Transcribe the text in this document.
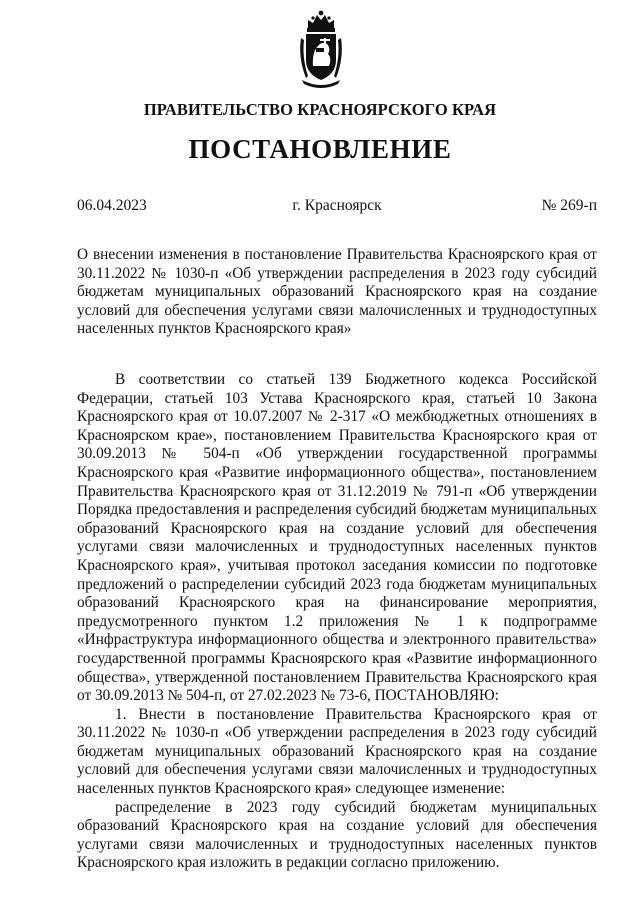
ПРАВИТЕЛЬСТВО КРАСНОЯРСКОГО КРАЯ
ПОСТАНОВЛЕНИЕ
06.04.2023	г. Красноярск	№ 269-п

О внесении изменения в постановление Правительства Красноярского края от 30.11.2022 № 1030-п «Об утверждении распределения в 2023 году субсидий бюджетам муниципальных образований Красноярского края на создание условий для обеспечения услугами связи малочисленных и труднодоступных населенных пунктов Красноярского края»

В соответствии со статьей 139 Бюджетного кодекса Российской Федерации, статьей 103 Устава Красноярского края, статьей 10 Закона Красноярского края от 10.07.2007 № 2-317 «О межбюджетных отношениях в Красноярском крае», постановлением Правительства Красноярского края от 30.09.2013 № 504-п «Об утверждении государственной программы Красноярского края «Развитие информационного общества», постановлением Правительства Красноярского края от 31.12.2019 № 791-п «Об утверждении Порядка предоставления и распределения субсидий бюджетам муниципальных образований Красноярского края на создание условий для обеспечения услугами связи малочисленных и труднодоступных населенных пунктов Красноярского края», учитывая протокол заседания комиссии по подготовке предложений о распределении субсидий 2023 года бюджетам муниципальных образований Красноярского края на финансирование мероприятия, предусмотренного пунктом 1.2 приложения № 1 к подпрограмме «Инфраструктура информационного общества и электронного правительства» государственной программы Красноярского края «Развитие информационного общества», утвержденной постановлением Правительства Красноярского края от 30.09.2013 № 504-п, от 27.02.2023 № 73-6, ПОСТАНОВЛЯЮ:

1. Внести в постановление Правительства Красноярского края от 30.11.2022 № 1030-п «Об утверждении распределения в 2023 году субсидий бюджетам муниципальных образований Красноярского края на создание условий для обеспечения услугами связи малочисленных и труднодоступных населенных пунктов Красноярского края» следующее изменение:

распределение в 2023 году субсидий бюджетам муниципальных образований Красноярского края на создание условий для обеспечения услугами связи малочисленных и труднодоступных населенных пунктов Красноярского края изложить в редакции согласно приложению.
